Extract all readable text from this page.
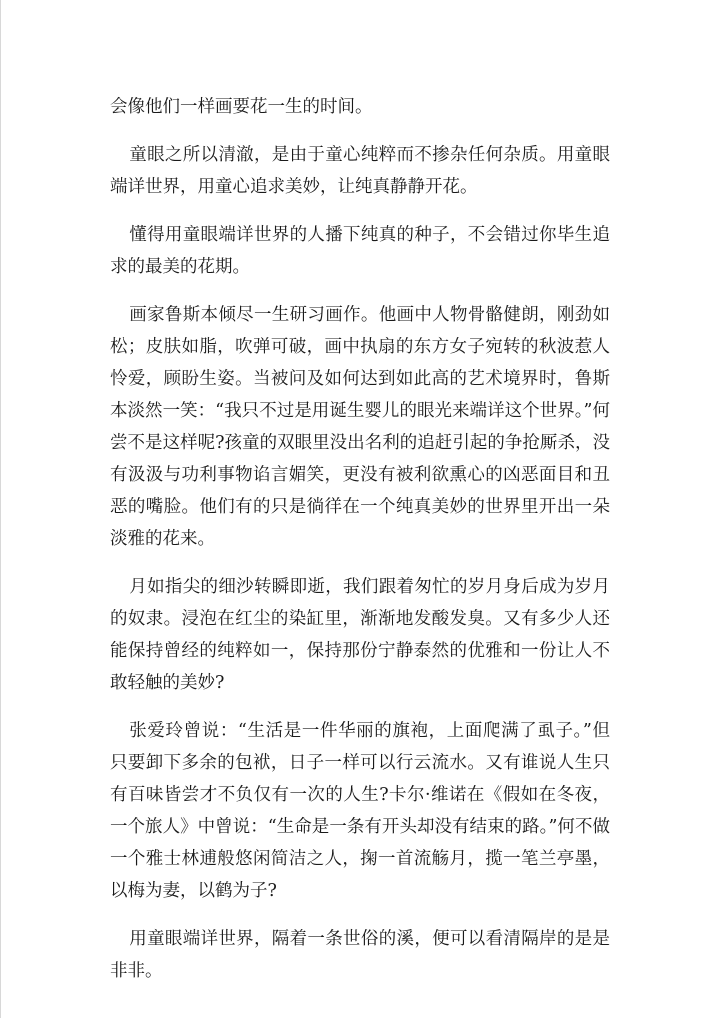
会像他们一样画要花一生的时间。

童眼之所以清澈，是由于童心纯粹而不掺杂任何杂质。用童眼端详世界，用童心追求美妙，让纯真静静开花。

懂得用童眼端详世界的人播下纯真的种子，不会错过你毕生追求的最美的花期。

画家鲁斯本倾尽一生研习画作。他画中人物骨骼健朗，刚劲如松；皮肤如脂，吹弹可破，画中执扇的东方女子宛转的秋波惹人怜爱，顾盼生姿。当被问及如何达到如此高的艺术境界时，鲁斯本淡然一笑：“我只不过是用诞生婴儿的眼光来端详这个世界。”何尝不是这样呢?孩童的双眼里没出名利的追赶引起的争抢厮杀，没有汲汲与功利事物谄言媚笑，更没有被利欲熏心的凶恶面目和丑恶的嘴脸。他们有的只是徜徉在一个纯真美妙的世界里开出一朵淡雅的花来。

月如指尖的细沙转瞬即逝，我们跟着匆忙的岁月身后成为岁月的奴隶。浸泡在红尘的染缸里，渐渐地发酸发臭。又有多少人还能保持曾经的纯粹如一，保持那份宁静泰然的优雅和一份让人不敢轻触的美妙?

张爱玲曾说：“生活是一件华丽的旗袍，上面爬满了虱子。”但只要卸下多余的包袱，日子一样可以行云流水。又有谁说人生只有百味皆尝才不负仅有一次的人生?卡尔·维诺在《假如在冬夜，一个旅人》中曾说：“生命是一条有开头却没有结束的路。”何不做一个雅士林逋般悠闲简洁之人，掬一首流觞月，揽一笔兰亭墨，以梅为妻，以鹤为子?

用童眼端详世界，隔着一条世俗的溪，便可以看清隔岸的是是非非。
